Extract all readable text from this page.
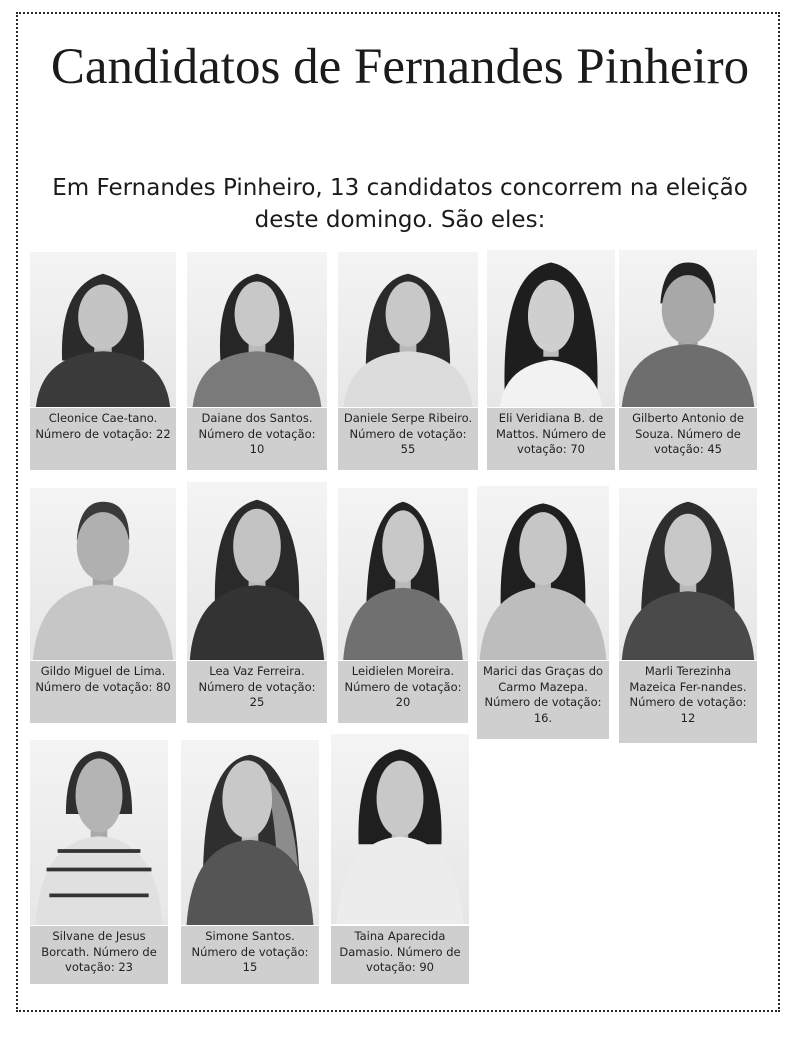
Candidatos de Fernandes Pinheiro
Em Fernandes Pinheiro, 13 candidatos concorrem na eleição deste domingo. São eles:
Cleonice Cae-tano. Número de votação: 22
Daiane dos Santos. Número de votação: 10
Daniele Serpe Ribeiro. Número de votação: 55
Eli Veridiana B. de Mattos. Número de votação: 70
Gilberto Antonio de Souza. Número de votação: 45
Gildo Miguel de Lima. Número de votação: 80
Lea Vaz Ferreira. Número de votação: 25
Leidielen Moreira. Número de votação: 20
Marici das Graças do Carmo Mazepa. Número de votação: 16.
Marli Terezinha Mazeica Fer-nandes. Número de votação: 12
Silvane de Jesus Borcath. Número de votação: 23
Simone Santos. Número de votação: 15
Taina Aparecida Damasio. Número de votação: 90
